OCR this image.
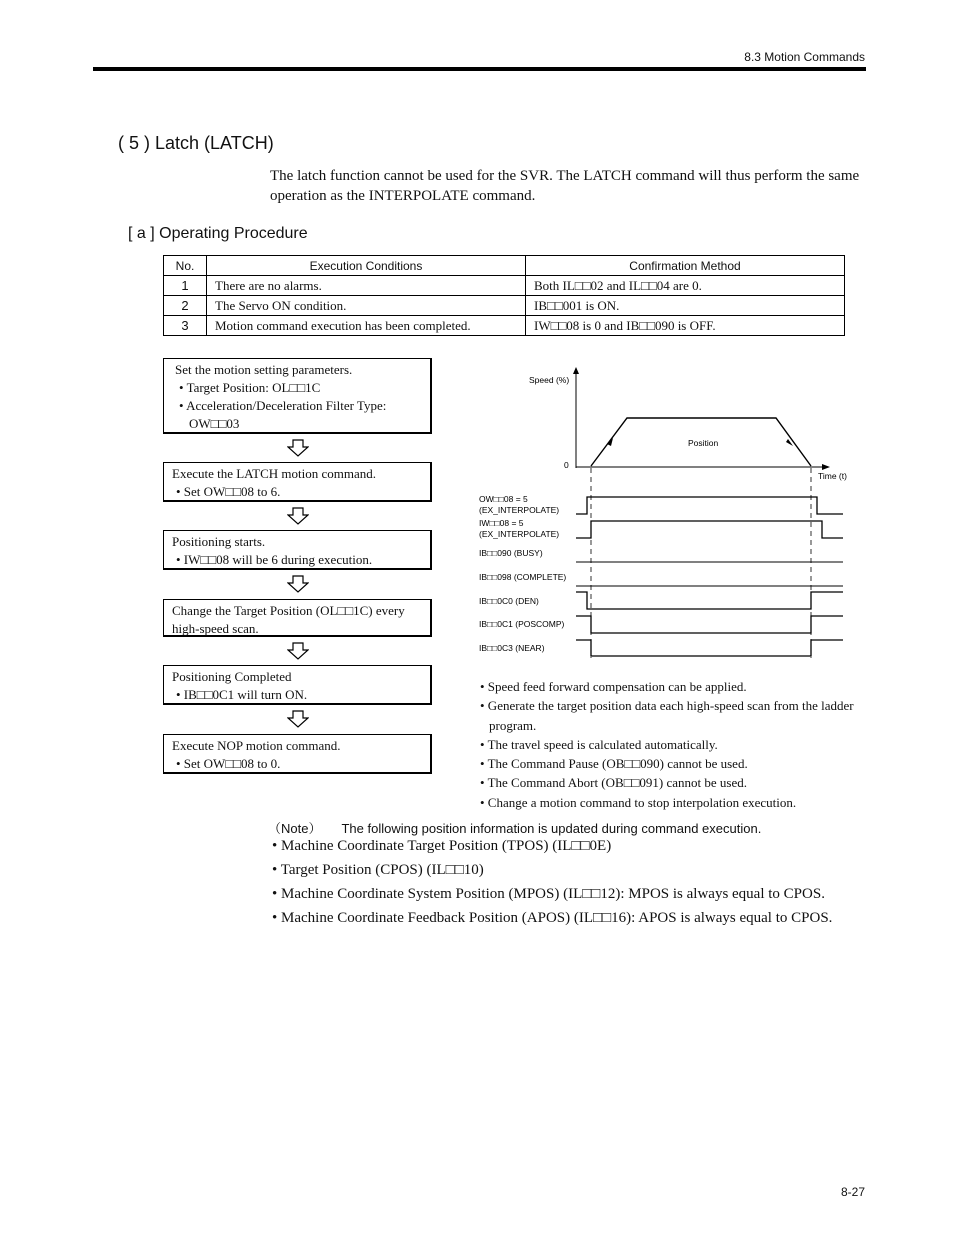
8.3 Motion Commands
( 5 ) Latch (LATCH)
The latch function cannot be used for the SVR. The LATCH command will thus perform the same operation as the INTERPOLATE command.
[ a ] Operating Procedure
No.	Execution Conditions	Confirmation Method
1	There are no alarms.	Both IL□□02 and IL□□04 are 0.
2	The Servo ON condition.	IB□□001 is ON.
3	Motion command execution has been completed.	IW□□08 is 0 and IB□□090 is OFF.
Set the motion setting parameters.
• Target Position: OL□□1C
• Acceleration/Deceleration Filter Type:
OW□□03
Execute the LATCH motion command.
• Set OW□□08 to 6.
Positioning starts.
• IW□□08 will be 6 during execution.
Change the Target Position (OL□□1C) every
high-speed scan.
Positioning Completed
• IB□□0C1 will turn ON.
Execute NOP motion command.
• Set OW□□08 to 0.
Speed (%)
0
Time (t)
Position
OW□□08 = 5
(EX_INTERPOLATE)
IW□□08 = 5
(EX_INTERPOLATE)
IB□□090 (BUSY)
IB□□098 (COMPLETE)
IB□□0C0 (DEN)
IB□□0C1 (POSCOMP)
IB□□0C3 (NEAR)
• Speed feed forward compensation can be applied.
• Generate the target position data each high-speed scan from the ladder program.
• The travel speed is calculated automatically.
• The Command Pause (OB□□090) cannot be used.
• The Command Abort (OB□□091) cannot be used.
• Change a motion command to stop interpolation execution.
（Note） The following position information is updated during command execution.
• Machine Coordinate Target Position (TPOS) (IL□□0E)
• Target Position (CPOS) (IL□□10)
• Machine Coordinate System Position (MPOS) (IL□□12): MPOS is always equal to CPOS.
• Machine Coordinate Feedback Position (APOS) (IL□□16): APOS is always equal to CPOS.
8-27
